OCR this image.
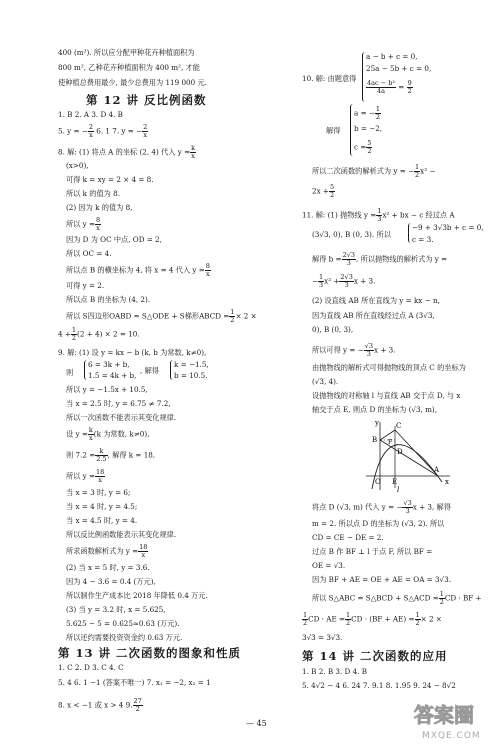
400 (m²). 所以应分配甲种花卉种植面积为
800 m², 乙种花卉种植面积为 400 m², 才能
使种植总费用最少, 最少总费用为 119 000 元.
第 12 讲 反比例函数
1. B 2. A 3. D 4. B
5. y = − $\frac{2}{x} 6$. 1 7. y = − $\frac{2}{x}$
8. 解: (1) 将点 A 的坐标 (2, 4) 代入 $y = \frac{k}{x}$
(x>0),
可得 k = xy = 2 × 4 = 8.
所以 k 的值为 8.
(2) 因为 k 的值为 8,
所以 $y = \frac{8}{x}$
因为 D 为 OC 中点, OD = 2,
所以 OC = 4.
所以点 B 的横坐标为 4, 将 x = 4 代入 $y = \frac{8}{x}$
可得 y = 2.
所以点 B 的坐标为 (4, 2).
所以 S四边形OABD = S△ODE + S梯形ABCD = $\frac{1}{2} \times 2$ ×
$4 + \frac{1}{2} (2 + 4) \times 2 = 10$.
9. 解: (1) 设 y = kx − b (k, b 为常数, k≠0),
则
6 = 3k + b,
1.5 = 4k + b,
, 解得
k = −1.5,
b = 10.5.
所以 y = −1.5x + 10.5,
当 x = 2.5 时, y = 6.75 ≠ 7.2,
所以一次函数不能表示其变化规律.
设 $y = \frac{k}{x} (k$ 为常数, k≠0),
则 $7.2 = \frac{k}{2.5}$ , 解得 k = 18,
所以 $y = \frac{18}{x}$
当 x = 3 时, y = 6;
当 x = 4 时, y = 4.5;
当 x = 4.5 时, y = 4.
所以反比例函数能表示其变化规律.
所求函数解析式为 $y = \frac{18}{x}$
(2) 当 x = 5 时, y = 3.6.
因为 4 − 3.6 = 0.4 (万元),
所以制作生产成本比 2018 年降低 0.4 万元.
(3) 当 y = 3.2 时, x = 5.625,
5.625 − 5 = 0.625≈0.63 (万元).
所以还约需要投资资金约 0.63 万元.
第 13 讲 二次函数的图象和性质
1. C 2. D 3. C 4. C
5. 4 6. 1 −1 (答案不唯一) 7. x₁ = −2, x₂ = 1
8. x < −1 或 x > 4 9. $\frac{27}{2}$
10. 解: 由题意得
a − b + c = 0,
25a − 5b + c = 0,
$\frac{\text{4ac − b²}}{4a} = \frac{9}{2}$
解得
a = − $\frac{1}{2}$
b = −2,
$c = \frac{5}{2}$
所以二次函数的解析式为 y = − $\frac{1}{2} x^2$ −
$2x + \frac{5}{2}$
11. 解: (1) 抛物线 $y = \frac{1}{3} x^2$ + bx − c 经过点 A
(3√3, 0), B (0, 3). 所以
−9 + 3√3b + c = 0,
c = 3.
解得 $b = \frac{2√3}{3}$ , 所以抛物线的解析式为 y =
− $\frac{1}{3} x^2 + \frac{2√3}{3}$ x + 3.
(2) 设直线 AB 所在直线为 y = kx − n,
因为直线 AB 所在直线经过点 A (3√3,
0), B (0, 3),
所以可得 y = − $\frac{√3}{3}$ x + 3.
由抛物线的解析式可得抛物线的顶点 C 的坐标为
(√3, 4).
设抛物线的对称轴 l 与直线 AB 交于点 D, 与 x
轴交于点 E, 则点 D 的坐标为 (√3, m),
y
x
B
C
D
F
A
O E
l
将点 D (√3, m) 代入 y = − $\frac{√3}{3}$ x + 3, 解得
m = 2. 所以点 D 的坐标为 (√3, 2). 所以
CD = CE − DE = 2.
过点 B 作 BF ⊥ l 于点 F, 所以 BF =
OE = √3.
因为 BF + AE = OE + AE = OA = 3√3.
所以 S△ABC = S△BCD + S△ACD = $\frac{1}{2}$ CD · BF +
$\frac{1}{2}$ CD · AE = $\frac{1}{2}$ CD · $(BF + AE) = \frac{1}{2} \times 2$ ×
3√3 = 3√3.
第 14 讲 二次函数的应用
1. B 2. B 3. D 4. B
5. 4√2 − 4 6. 24 7. 9.1 8. 1.95 9. 24 − 8√2
— 45	答案圈
MXQE.COM
